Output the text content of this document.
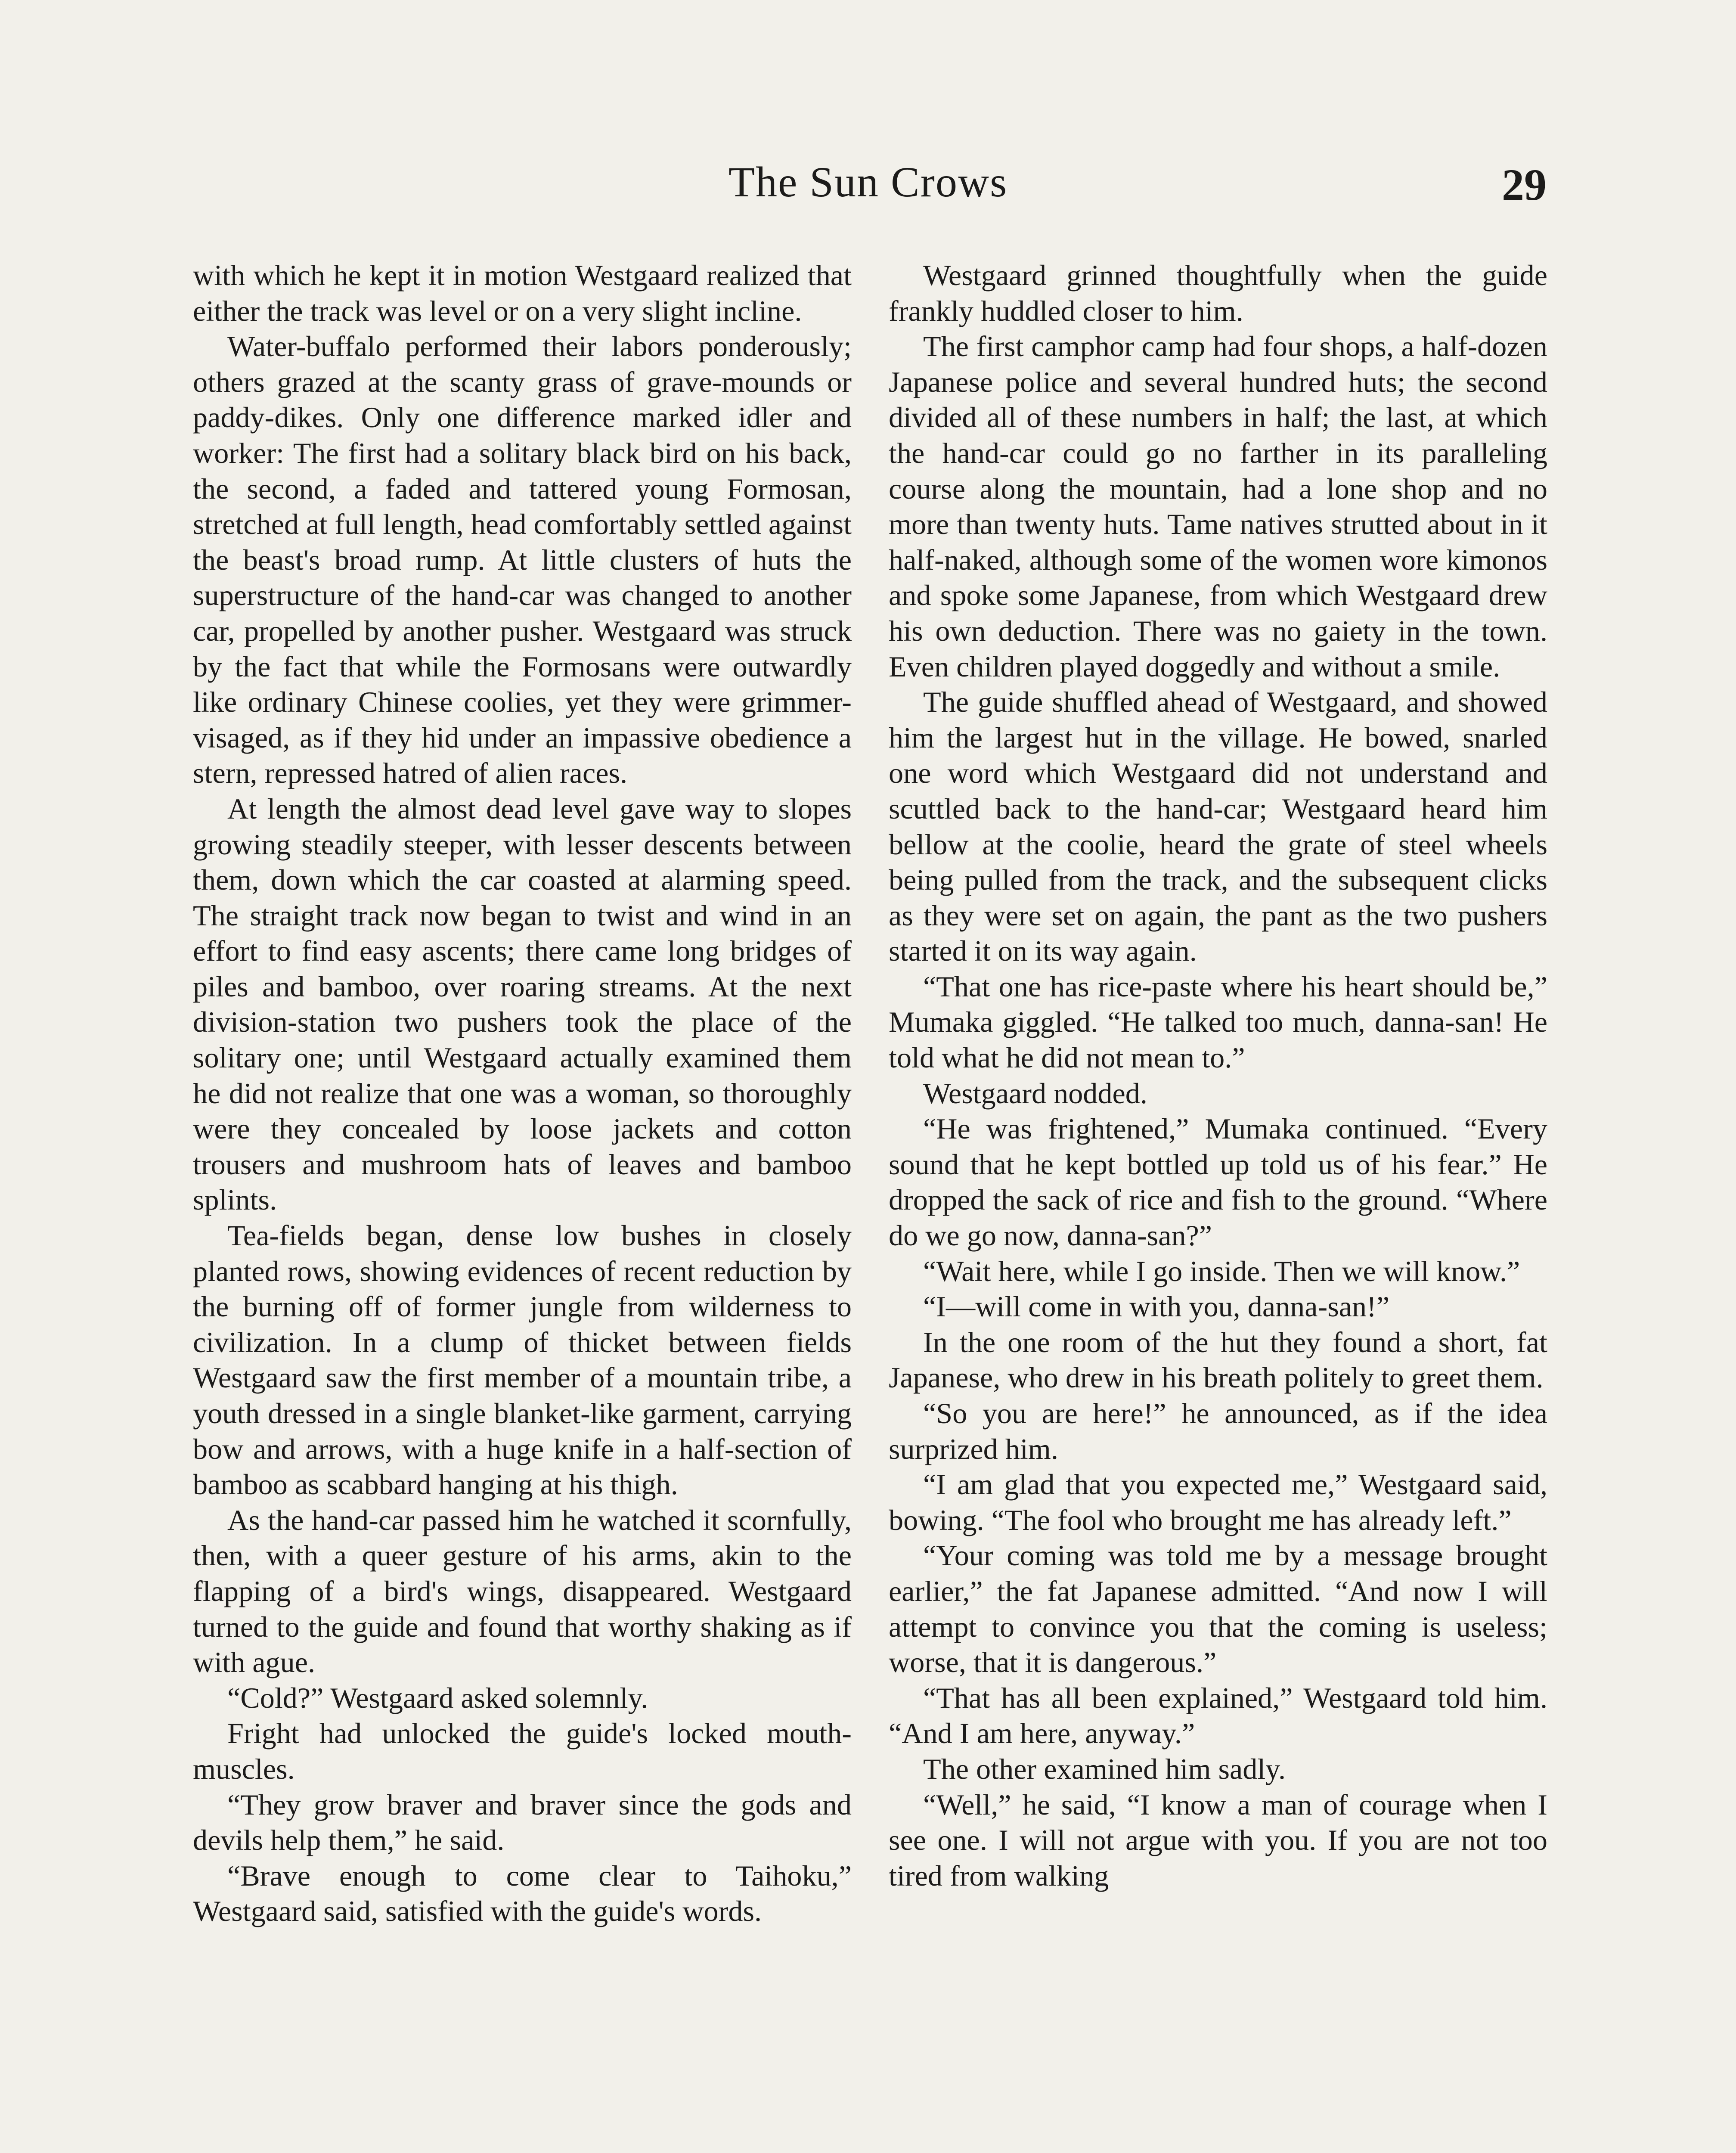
The Sun Crows	29

with which he kept it in motion Westgaard realized that either the track was level or on a very slight incline.

Water-buffalo performed their labors ponderously; others grazed at the scanty grass of grave-mounds or paddy-dikes. Only one difference marked idler and worker: The first had a solitary black bird on his back, the second, a faded and tattered young Formosan, stretched at full length, head comfortably settled against the beast's broad rump. At little clusters of huts the superstructure of the hand-car was changed to another car, propelled by another pusher. Westgaard was struck by the fact that while the Formosans were outwardly like ordinary Chinese coolies, yet they were grimmer-visaged, as if they hid under an impassive obedience a stern, repressed hatred of alien races.

At length the almost dead level gave way to slopes growing steadily steeper, with lesser descents between them, down which the car coasted at alarming speed. The straight track now began to twist and wind in an effort to find easy ascents; there came long bridges of piles and bamboo, over roaring streams. At the next division-station two pushers took the place of the solitary one; until Westgaard actually examined them he did not realize that one was a woman, so thoroughly were they concealed by loose jackets and cotton trousers and mushroom hats of leaves and bamboo splints.

Tea-fields began, dense low bushes in closely planted rows, showing evidences of recent reduction by the burning off of former jungle from wilderness to civilization. In a clump of thicket between fields Westgaard saw the first member of a mountain tribe, a youth dressed in a single blanket-like garment, carrying bow and arrows, with a huge knife in a half-section of bamboo as scabbard hanging at his thigh.

As the hand-car passed him he watched it scornfully, then, with a queer gesture of his arms, akin to the flapping of a bird's wings, disappeared. Westgaard turned to the guide and found that worthy shaking as if with ague.

“Cold?” Westgaard asked solemnly.

Fright had unlocked the guide's locked mouth-muscles.

“They grow braver and braver since the gods and devils help them,” he said.

“Brave enough to come clear to Taihoku,” Westgaard said, satisfied with the guide's words.

Westgaard grinned thoughtfully when the guide frankly huddled closer to him.

The first camphor camp had four shops, a half-dozen Japanese police and several hundred huts; the second divided all of these numbers in half; the last, at which the hand-car could go no farther in its paralleling course along the mountain, had a lone shop and no more than twenty huts. Tame natives strutted about in it half-naked, although some of the women wore kimonos and spoke some Japanese, from which Westgaard drew his own deduction. There was no gaiety in the town. Even children played doggedly and without a smile.

The guide shuffled ahead of Westgaard, and showed him the largest hut in the village. He bowed, snarled one word which Westgaard did not understand and scuttled back to the hand-car; Westgaard heard him bellow at the coolie, heard the grate of steel wheels being pulled from the track, and the subsequent clicks as they were set on again, the pant as the two pushers started it on its way again.

“That one has rice-paste where his heart should be,” Mumaka giggled. “He talked too much, danna-san! He told what he did not mean to.”

Westgaard nodded.

“He was frightened,” Mumaka continued. “Every sound that he kept bottled up told us of his fear.” He dropped the sack of rice and fish to the ground. “Where do we go now, danna-san?”

“Wait here, while I go inside. Then we will know.”

“I—will come in with you, danna-san!”

In the one room of the hut they found a short, fat Japanese, who drew in his breath politely to greet them.

“So you are here!” he announced, as if the idea surprized him.

“I am glad that you expected me,” Westgaard said, bowing. “The fool who brought me has already left.”

“Your coming was told me by a message brought earlier,” the fat Japanese admitted. “And now I will attempt to convince you that the coming is useless; worse, that it is dangerous.”

“That has all been explained,” Westgaard told him. “And I am here, anyway.”

The other examined him sadly.

“Well,” he said, “I know a man of courage when I see one. I will not argue with you. If you are not too tired from walking
